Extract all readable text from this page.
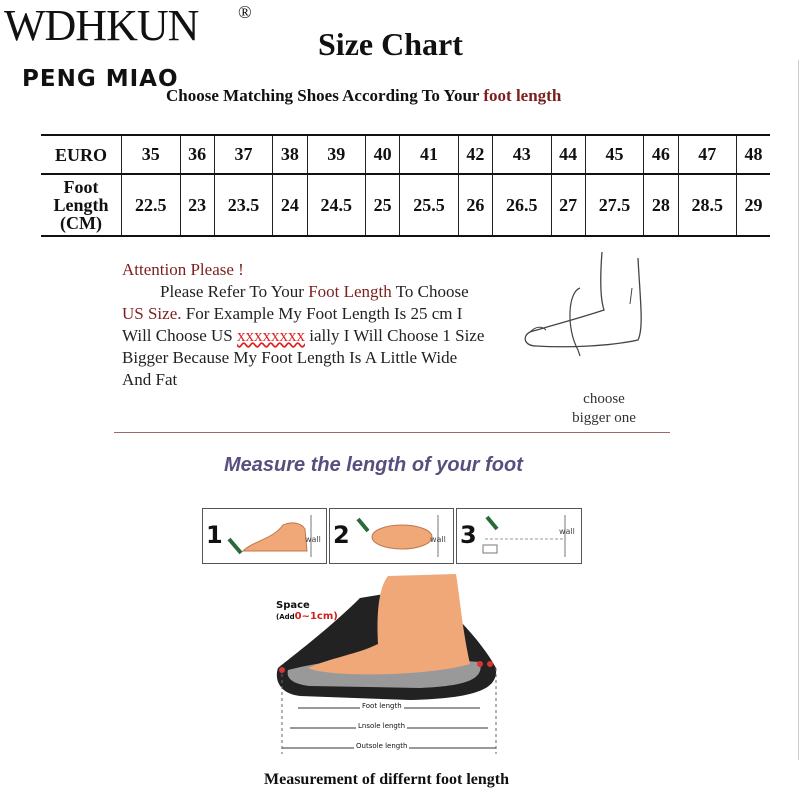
WDHKUN ®
PENG MIAO
Size Chart
Choose Matching Shoes According To Your foot length
EURO	35	36	37	38	39	40	41	42	43	44	45	46	47	48

Foot
Length
(CM)	22.5	23	23.5	24	24.5	25	25.5	26	26.5	27	27.5	28	28.5	29
Attention Please !
Please Refer To Your Foot Length To Choose
US Size. For Example My Foot Length Is 25 cm I
Will Choose US xxxxxxxx ially I Will Choose 1 Size
Bigger Because My Foot Length Is A Little Wide
And Fat
choose
bigger one
Measure the length of your foot
1	wall 2	wall 3	wall
Space
(Add0~1cm)
Foot length
Lnsole length
Outsole length
Measurement of differnt foot length
